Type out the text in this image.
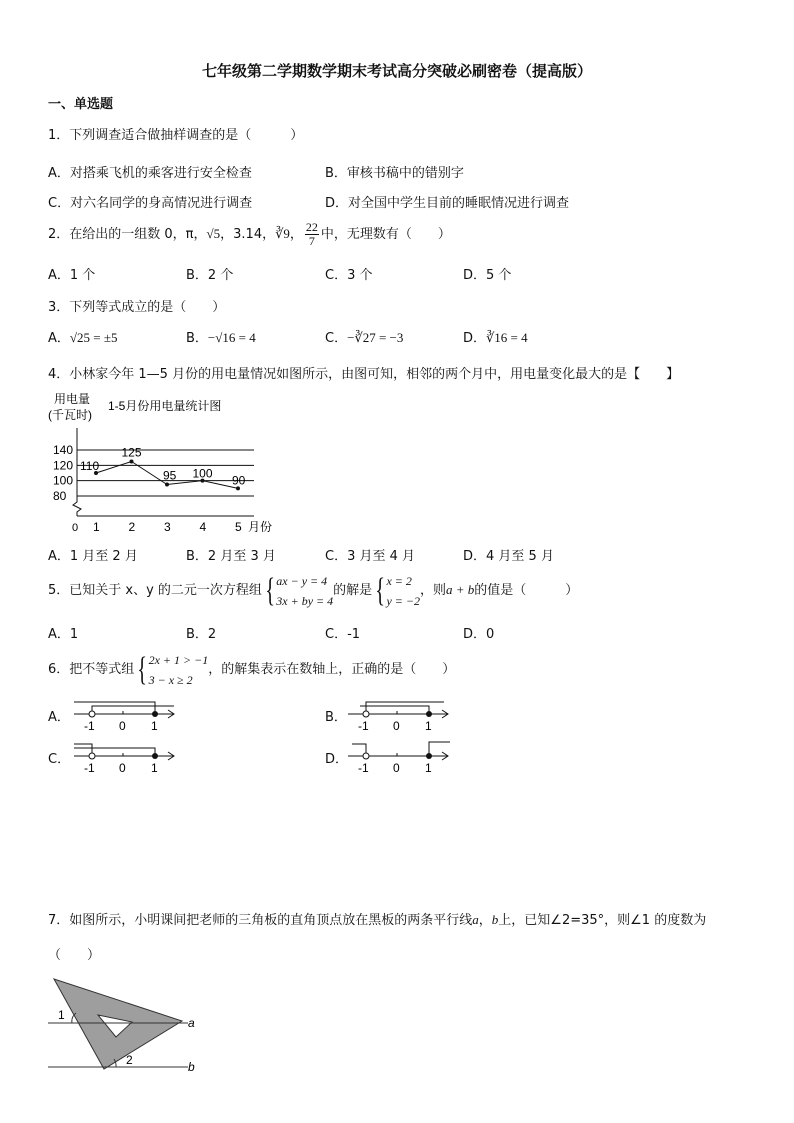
七年级第二学期数学期末考试高分突破必刷密卷（提高版）
一、单选题
1．下列调查适合做抽样调查的是（　　　）
A．对搭乘飞机的乘客进行安全检查	B．审核书稿中的错别字
C．对六名同学的身高情况进行调查	D．对全国中学生目前的睡眠情况进行调查
2．在给出的一组数 0，π，√5，3.14，∛9， $\frac{22}{7}$ 中，无理数有（　　）
A．1 个	B．2 个	C．3 个	D．5 个
3．下列等式成立的是（　　）
A．√25 = ±5	B．−√16 = 4	C．−∛27 = −3	D．∛16 = 4
4．小林家今年 1—5 月份的用电量情况如图所示，由图可知，相邻的两个月中，用电量变化最大的是【　　】
用电量
(千瓦时)
1-5月份用电量统计图
140
120
100
80
1 2 3 4 5
110
125
95 100 90
月份
0
A．1 月至 2 月	B．2 月至 3 月	C．3 月至 4 月	D．4 月至 5 月
5．已知关于 x、y 的二元一次方程组{ ax − y = 4
3x + by = 4
的解是{ x = 2
y = −2
，则a + b的值是（　　　）
A．1	B．2	C．-1	D．0
6．把不等式组{ 2x + 1 > −1
3 − x ≥ 2
，的解集表示在数轴上，正确的是（　　）
A．
-1 0 1
B．
-1 0 1
C．
-1 0 1
D．
-1 0 1
7．如图所示，小明课间把老师的三角板的直角顶点放在黑板的两条平行线a，b上，已知∠2=35°，则∠1 的度数为
（　　）
1
2
a
b
